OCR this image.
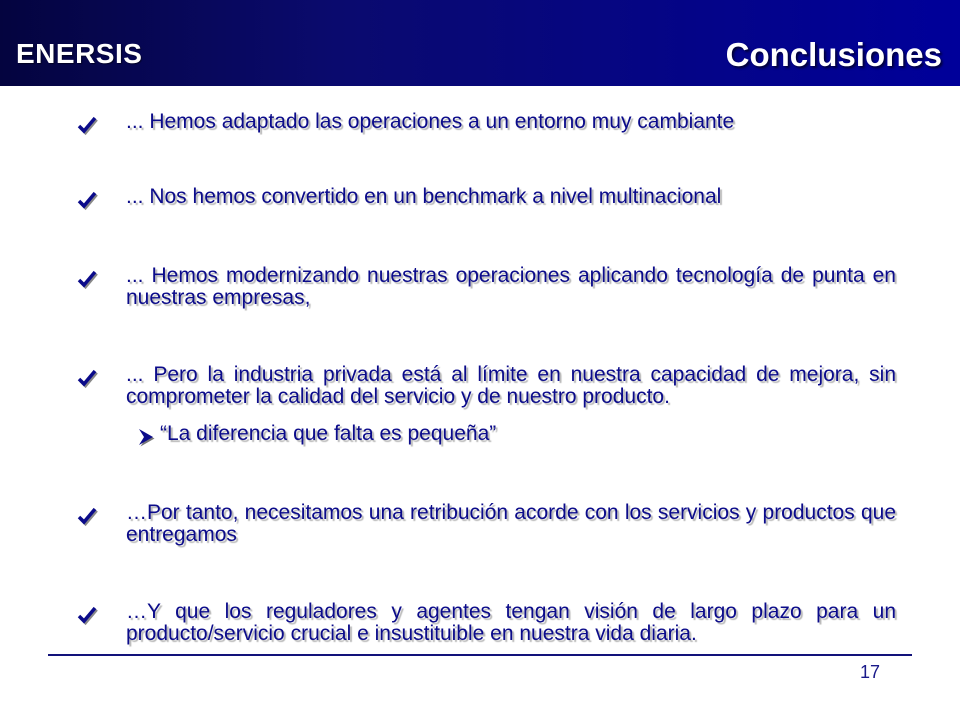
ENERSIS	Conclusiones
... Hemos adaptado las operaciones a un entorno muy cambiante
... Nos hemos convertido en un benchmark a nivel multinacional
... Hemos modernizando nuestras operaciones aplicando tecnología de punta en nuestras empresas,
... Pero la industria privada está al límite en nuestra capacidad de mejora, sin comprometer la calidad del servicio y de nuestro producto.
“La diferencia que falta es pequeña”
…Por tanto, necesitamos una retribución acorde con los servicios y productos que entregamos
…Y que los reguladores y agentes tengan visión de largo plazo para un producto/servicio crucial e insustituible en nuestra vida diaria.
17
